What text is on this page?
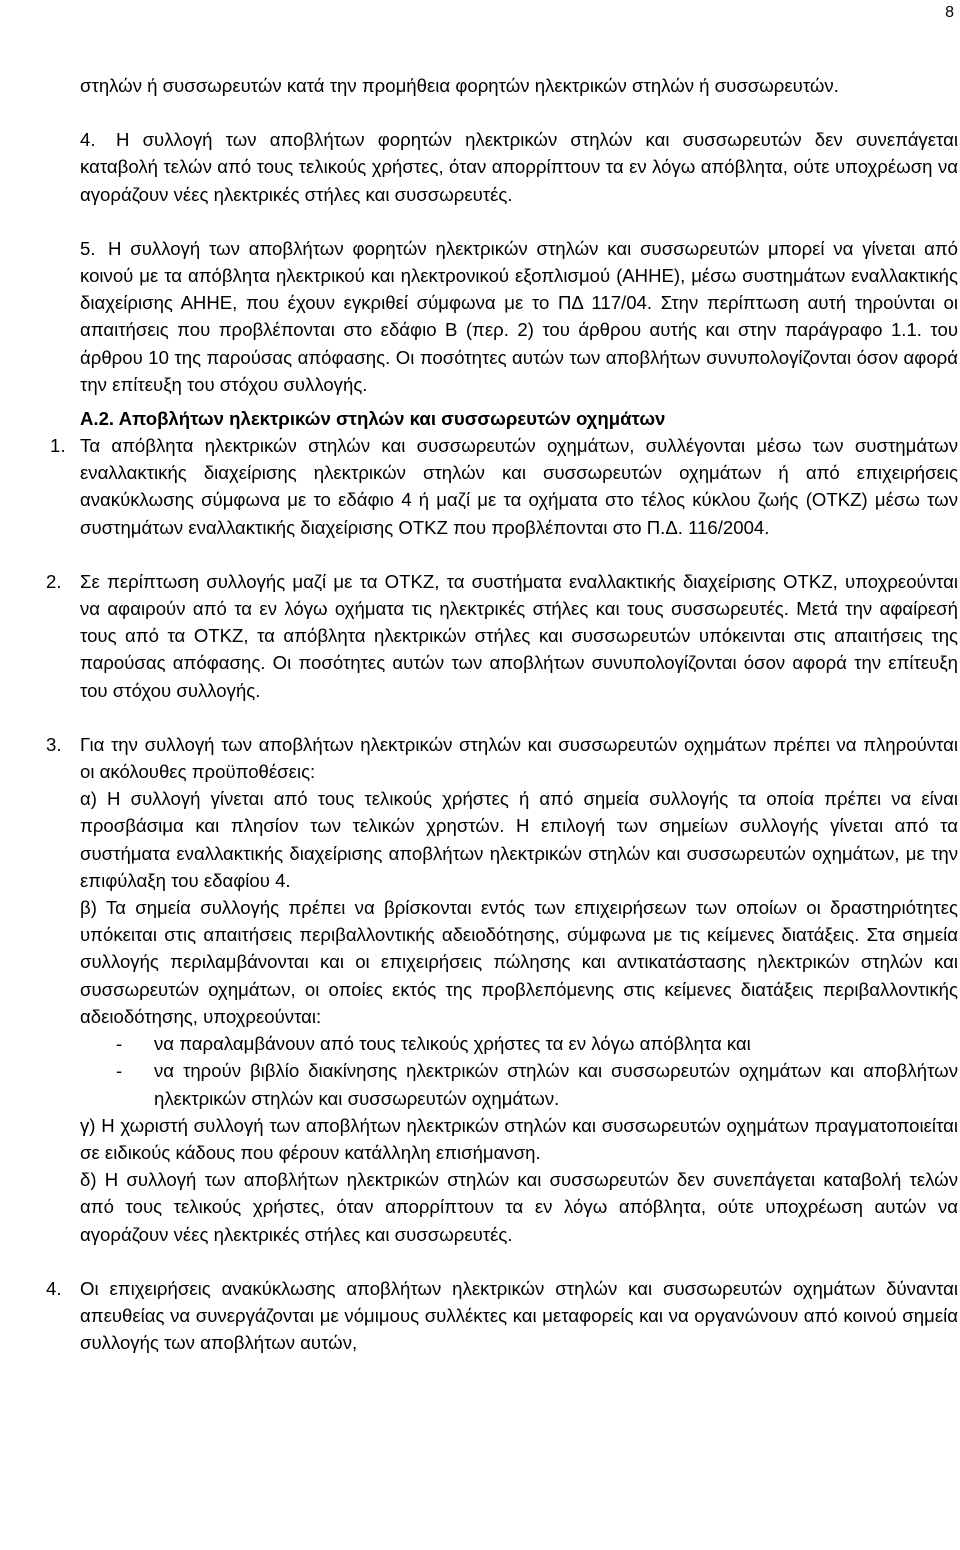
8

στηλών ή συσσωρευτών κατά την προμήθεια φορητών ηλεκτρικών στηλών ή συσσωρευτών.

4. Η συλλογή των αποβλήτων φορητών ηλεκτρικών στηλών και συσσωρευτών δεν συνεπάγεται καταβολή τελών από τους τελικούς χρήστες, όταν απορρίπτουν τα εν λόγω απόβλητα, ούτε υποχρέωση να αγοράζουν νέες ηλεκτρικές στήλες και συσσωρευτές.

5. Η συλλογή των αποβλήτων φορητών ηλεκτρικών στηλών και συσσωρευτών μπορεί να γίνεται από κοινού με τα απόβλητα ηλεκτρικού και ηλεκτρονικού εξοπλισμού (ΑΗΗΕ), μέσω συστημάτων εναλλακτικής διαχείρισης ΑΗΗΕ, που έχουν εγκριθεί σύμφωνα με το ΠΔ 117/04. Στην περίπτωση αυτή τηρούνται οι απαιτήσεις που προβλέπονται στο εδάφιο Β (περ. 2) του άρθρου αυτής και στην παράγραφο 1.1. του άρθρου 10 της παρούσας απόφασης. Οι ποσότητες αυτών των αποβλήτων συνυπολογίζονται όσον αφορά την επίτευξη του στόχου συλλογής.

Α.2. Αποβλήτων ηλεκτρικών στηλών και συσσωρευτών οχημάτων

1. Τα απόβλητα ηλεκτρικών στηλών και συσσωρευτών οχημάτων, συλλέγονται μέσω των συστημάτων εναλλακτικής διαχείρισης ηλεκτρικών στηλών και συσσωρευτών οχημάτων ή από επιχειρήσεις ανακύκλωσης σύμφωνα με το εδάφιο 4 ή μαζί με τα οχήματα στο τέλος κύκλου ζωής (ΟΤΚΖ) μέσω των συστημάτων εναλλακτικής διαχείρισης ΟΤΚΖ που προβλέπονται στο Π.Δ. 116/2004.

2. Σε περίπτωση συλλογής μαζί με τα ΟΤΚΖ, τα συστήματα εναλλακτικής διαχείρισης ΟΤΚΖ, υποχρεούνται να αφαιρούν από τα εν λόγω οχήματα τις ηλεκτρικές στήλες και τους συσσωρευτές. Μετά την αφαίρεσή τους από τα ΟΤΚΖ, τα απόβλητα ηλεκτρικών στήλες και συσσωρευτών υπόκεινται στις απαιτήσεις της παρούσας απόφασης. Οι ποσότητες αυτών των αποβλήτων συνυπολογίζονται όσον αφορά την επίτευξη του στόχου συλλογής.

3. Για την συλλογή των αποβλήτων ηλεκτρικών στηλών και συσσωρευτών οχημάτων πρέπει να πληρούνται οι ακόλουθες προϋποθέσεις:

α) Η συλλογή γίνεται από τους τελικούς χρήστες ή από σημεία συλλογής τα οποία πρέπει να είναι προσβάσιμα και πλησίον των τελικών χρηστών. Η επιλογή των σημείων συλλογής γίνεται από τα συστήματα εναλλακτικής διαχείρισης αποβλήτων ηλεκτρικών στηλών και συσσωρευτών οχημάτων, με την επιφύλαξη του εδαφίου 4.

β) Τα σημεία συλλογής πρέπει να βρίσκονται εντός των επιχειρήσεων των οποίων οι δραστηριότητες υπόκειται στις απαιτήσεις περιβαλλοντικής αδειοδότησης, σύμφωνα με τις κείμενες διατάξεις. Στα σημεία συλλογής περιλαμβάνονται και οι επιχειρήσεις πώλησης και αντικατάστασης ηλεκτρικών στηλών και συσσωρευτών οχημάτων, οι οποίες εκτός της προβλεπόμενης στις κείμενες διατάξεις περιβαλλοντικής αδειοδότησης, υποχρεούνται:

- να παραλαμβάνουν από τους τελικούς χρήστες τα εν λόγω απόβλητα και
- να τηρούν βιβλίο διακίνησης ηλεκτρικών στηλών και συσσωρευτών οχημάτων και αποβλήτων ηλεκτρικών στηλών και συσσωρευτών οχημάτων.

γ) Η χωριστή συλλογή των αποβλήτων ηλεκτρικών στηλών και συσσωρευτών οχημάτων πραγματοποιείται σε ειδικούς κάδους που φέρουν κατάλληλη επισήμανση.

δ) Η συλλογή των αποβλήτων ηλεκτρικών στηλών και συσσωρευτών δεν συνεπάγεται καταβολή τελών από τους τελικούς χρήστες, όταν απορρίπτουν τα εν λόγω απόβλητα, ούτε υποχρέωση αυτών να αγοράζουν νέες ηλεκτρικές στήλες και συσσωρευτές.

4. Οι επιχειρήσεις ανακύκλωσης αποβλήτων ηλεκτρικών στηλών και συσσωρευτών οχημάτων δύνανται απευθείας να συνεργάζονται με νόμιμους συλλέκτες και μεταφορείς και να οργανώνουν από κοινού σημεία συλλογής των αποβλήτων αυτών,
